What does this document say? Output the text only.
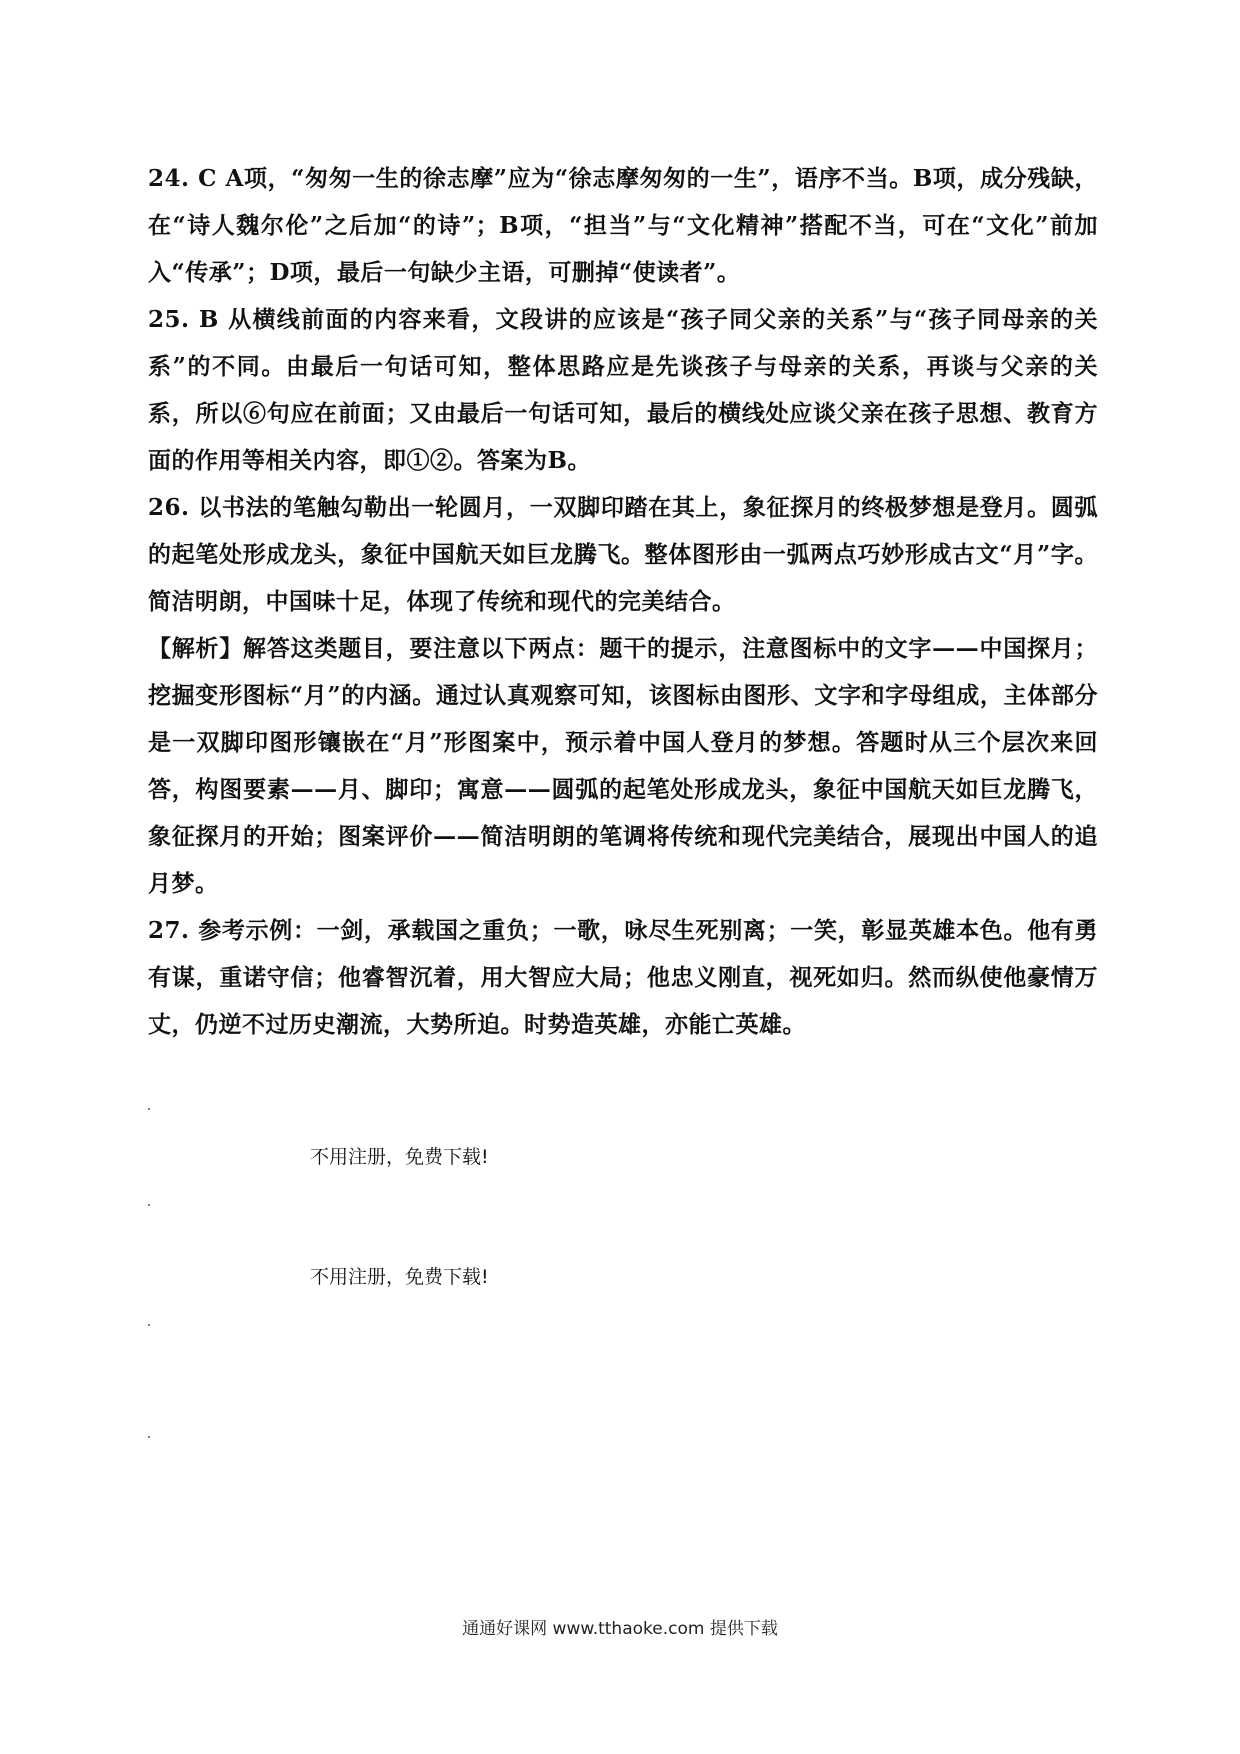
24. C A项，“匆匆一生的徐志摩”应为“徐志摩匆匆的一生”，语序不当。B项，成分残缺，在“诗人魏尔伦”之后加“的诗”；B项，“担当”与“文化精神”搭配不当，可在“文化”前加入“传承”；D项，最后一句缺少主语，可删掉“使读者”。

25. B 从横线前面的内容来看，文段讲的应该是“孩子同父亲的关系”与“孩子同母亲的关系”的不同。由最后一句话可知，整体思路应是先谈孩子与母亲的关系，再谈与父亲的关系，所以⑥句应在前面；又由最后一句话可知，最后的横线处应谈父亲在孩子思想、教育方面的作用等相关内容，即①②。答案为B。

26. 以书法的笔触勾勒出一轮圆月，一双脚印踏在其上，象征探月的终极梦想是登月。圆弧的起笔处形成龙头，象征中国航天如巨龙腾飞。整体图形由一弧两点巧妙形成古文“月”字。简洁明朗，中国味十足，体现了传统和现代的完美结合。

【解析】解答这类题目，要注意以下两点：题干的提示，注意图标中的文字——中国探月；挖掘变形图标“月”的内涵。通过认真观察可知，该图标由图形、文字和字母组成，主体部分是一双脚印图形镶嵌在“月”形图案中，预示着中国人登月的梦想。答题时从三个层次来回答，构图要素——月、脚印；寓意——圆弧的起笔处形成龙头，象征中国航天如巨龙腾飞，象征探月的开始；图案评价——简洁明朗的笔调将传统和现代完美结合，展现出中国人的追月梦。

27. 参考示例：一剑，承载国之重负；一歌，咏尽生死别离；一笑，彰显英雄本色。他有勇有谋，重诺守信；他睿智沉着，用大智应大局；他忠义刚直，视死如归。然而纵使他豪情万丈，仍逆不过历史潮流，大势所迫。时势造英雄，亦能亡英雄。

不用注册，免费下载!
不用注册，免费下载!
通通好课网 www.tthaoke.com 提供下载
